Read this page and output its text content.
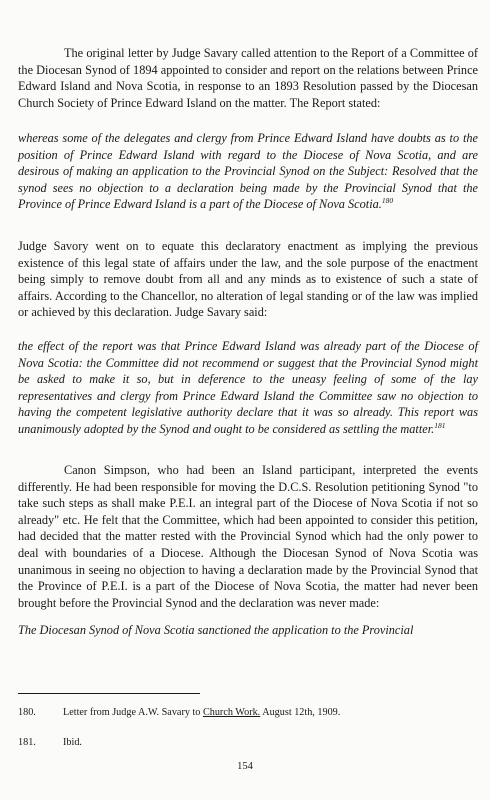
The original letter by Judge Savary called attention to the Report of a Committee of the Diocesan Synod of 1894 appointed to consider and report on the relations between Prince Edward Island and Nova Scotia, in response to an 1893 Resolution passed by the Diocesan Church Society of Prince Edward Island on the matter. The Report stated:

whereas some of the delegates and clergy from Prince Edward Island have doubts as to the position of Prince Edward Island with regard to the Diocese of Nova Scotia, and are desirous of making an application to the Provincial Synod on the Subject: Resolved that the synod sees no objection to a declaration being made by the Provincial Synod that the Province of Prince Edward Island is a part of the Diocese of Nova Scotia.$^{180}$

Judge Savory went on to equate this declaratory enactment as implying the previous existence of this legal state of affairs under the law, and the sole purpose of the enactment being simply to remove doubt from all and any minds as to existence of such a state of affairs. According to the Chancellor, no alteration of legal standing or of the law was implied or achieved by this declaration. Judge Savary said:

the effect of the report was that Prince Edward Island was already part of the Diocese of Nova Scotia: the Committee did not recommend or suggest that the Provincial Synod might be asked to make it so, but in deference to the uneasy feeling of some of the lay representatives and clergy from Prince Edward Island the Committee saw no objection to having the competent legislative authority declare that it was so already. This report was unanimously adopted by the Synod and ought to be considered as settling the matter.$^{181}$

Canon Simpson, who had been an Island participant, interpreted the events differently. He had been responsible for moving the D.C.S. Resolution petitioning Synod "to take such steps as shall make P.E.I. an integral part of the Diocese of Nova Scotia if not so already" etc. He felt that the Committee, which had been appointed to consider this petition, had decided that the matter rested with the Provincial Synod which had the only power to deal with boundaries of a Diocese. Although the Diocesan Synod of Nova Scotia was unanimous in seeing no objection to having a declaration made by the Provincial Synod that the Province of P.E.I. is a part of the Diocese of Nova Scotia, the matter had never been brought before the Provincial Synod and the declaration was never made:

The Diocesan Synod of Nova Scotia sanctioned the application to the Provincial

180.	Letter from Judge A.W. Savary to Church Work. August 12th, 1909.
181.	Ibid.
154
